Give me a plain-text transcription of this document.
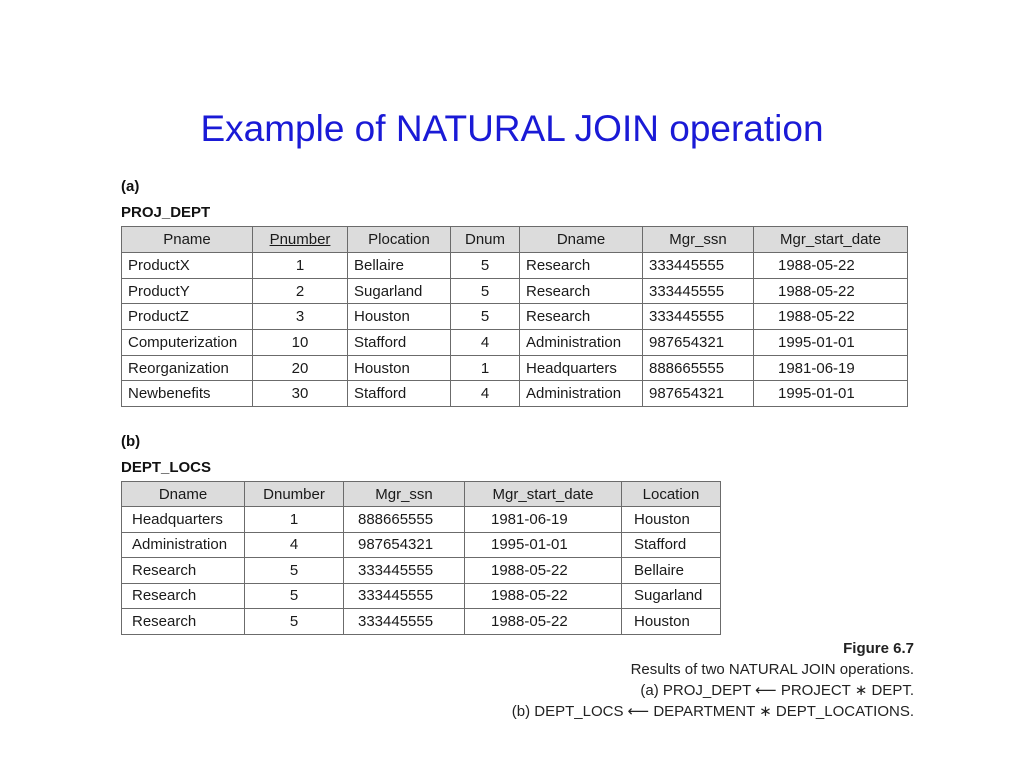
Example of NATURAL JOIN operation
(a)
PROJ_DEPT
Pname	Pnumber	Plocation	Dnum	Dname	Mgr_ssn	Mgr_start_date
ProductX	1	Bellaire	5	Research	333445555	1988-05-22
ProductY	2	Sugarland	5	Research	333445555	1988-05-22
ProductZ	3	Houston	5	Research	333445555	1988-05-22
Computerization	10	Stafford	4	Administration	987654321	1995-01-01
Reorganization	20	Houston	1	Headquarters	888665555	1981-06-19
Newbenefits	30	Stafford	4	Administration	987654321	1995-01-01
(b)
DEPT_LOCS
Dname	Dnumber	Mgr_ssn	Mgr_start_date	Location
Headquarters	1	888665555	1981-06-19	Houston
Administration	4	987654321	1995-01-01	Stafford
Research	5	333445555	1988-05-22	Bellaire
Research	5	333445555	1988-05-22	Sugarland
Research	5	333445555	1988-05-22	Houston
Figure 6.7
Results of two NATURAL JOIN operations.
(a) PROJ_DEPT ⟵ PROJECT ∗ DEPT.
(b) DEPT_LOCS ⟵ DEPARTMENT ∗ DEPT_LOCATIONS.
